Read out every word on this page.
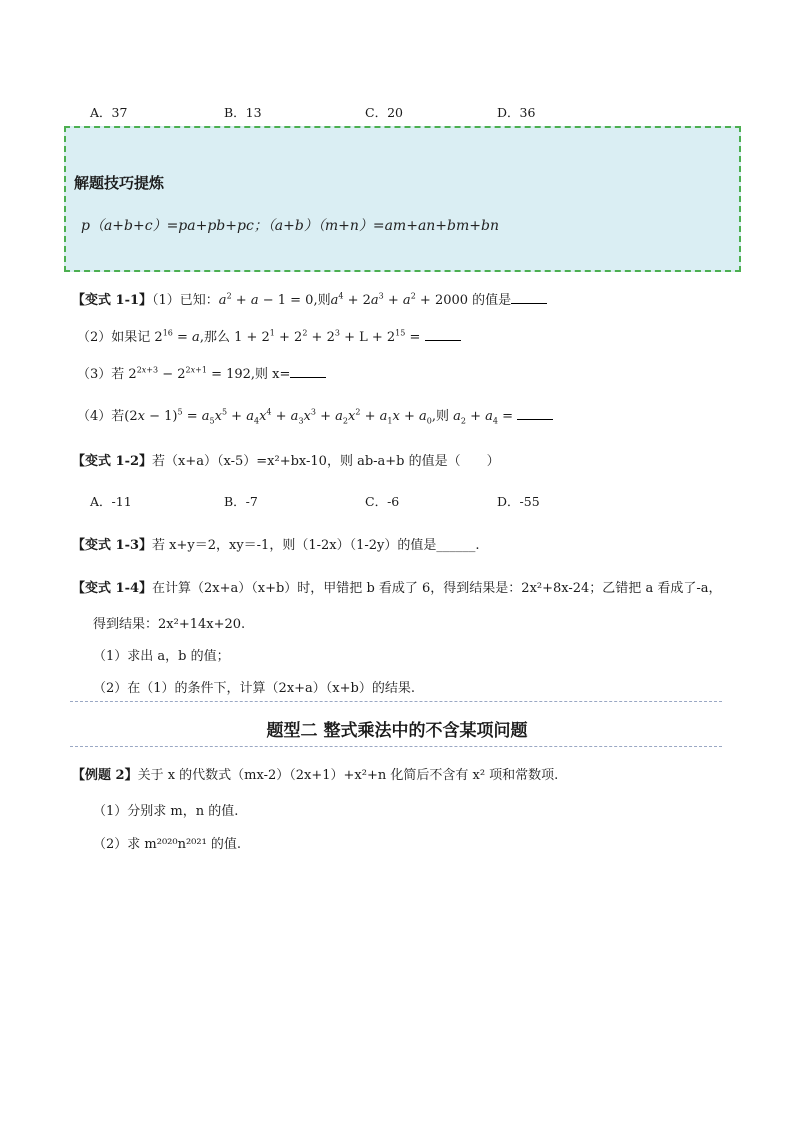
A．37	B．13	C．20	D．36
解题技巧提炼
p（a+b+c）=pa+pb+pc；（a+b）（m+n）=am+an+bm+bn
【变式 1-1】（1）已知：$a^2 + a - 1 = 0$,则$a^4 + 2a^3 + a^2 + 2000$ 的值是
（2）如果记 $2^{16} = a$,那么 $1 + 2^1 + 2^2 + 2^3 + L + 2^{15}$ =
（3）若 $2^{2x+3} - 2^{2x+1} = 192$,则 x=
（4）若$(2x - 1)^5 = a_5x^5 + a_4x^4 + a_3x^3 + a_2x^2 + a_1x + a_0$,则 $a_2 + a_4$ =
【变式 1-2】若（x+a）（x-5）=x²+bx-10，则 ab-a+b 的值是（　　）
A．-11	B．-7	C．-6	D．-55
【变式 1-3】若 x+y＝2，xy＝-1，则（1-2x）（1-2y）的值是______.
【变式 1-4】在计算（2x+a）（x+b）时，甲错把 b 看成了 6，得到结果是：2x²+8x-24；乙错把 a 看成了-a，
得到结果：2x²+14x+20.
（1）求出 a，b 的值；
（2）在（1）的条件下，计算（2x+a）（x+b）的结果.
题型二 整式乘法中的不含某项问题
【例题 2】关于 x 的代数式（mx-2）（2x+1）+x²+n 化简后不含有 x² 项和常数项.
（1）分别求 m，n 的值.
（2）求 m²⁰²⁰n²⁰²¹ 的值.
